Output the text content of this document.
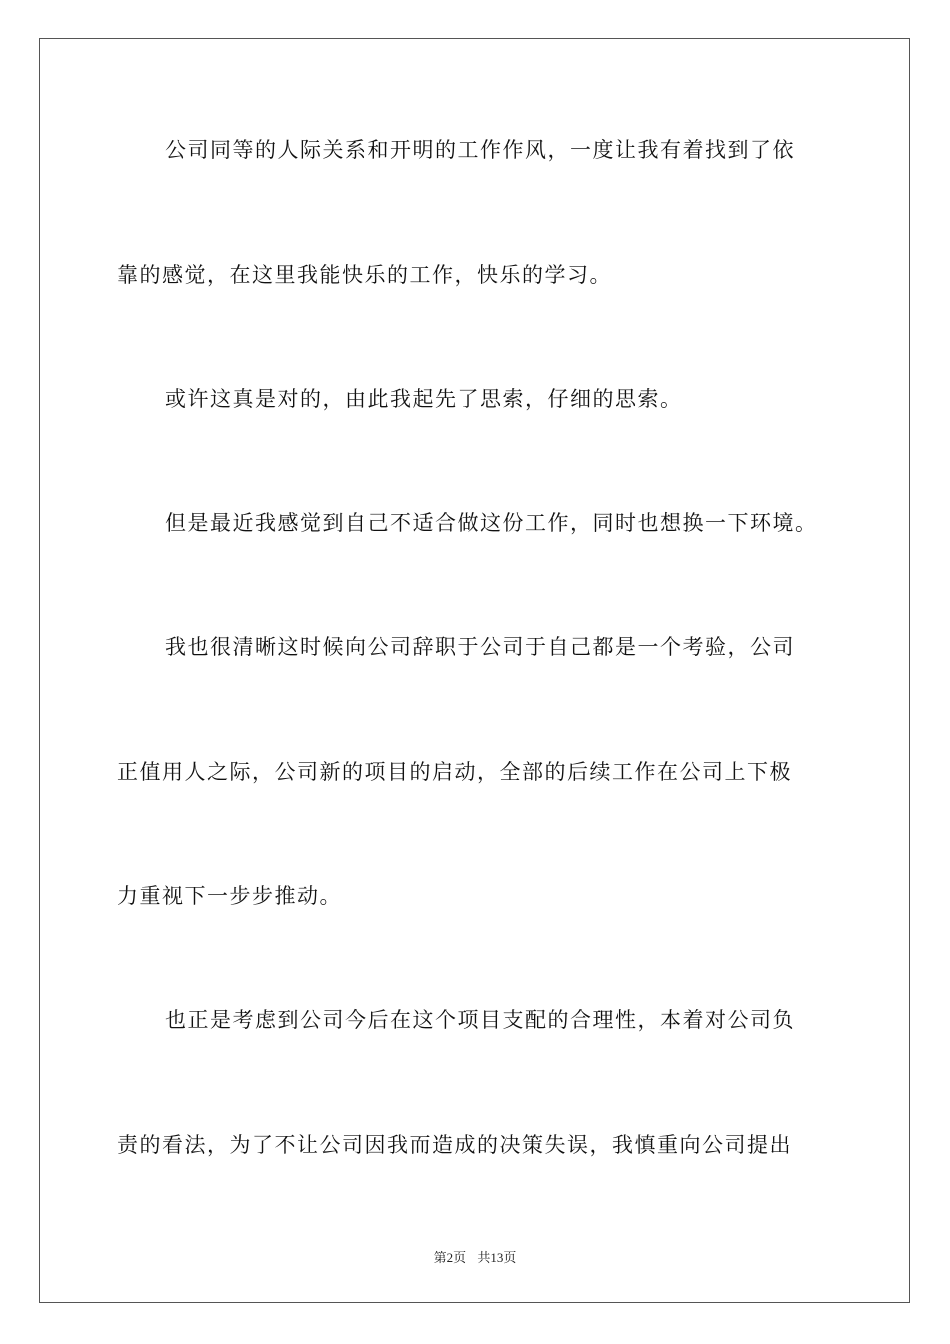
公司同等的人际关系和开明的工作作风，一度让我有着找到了依
靠的感觉，在这里我能快乐的工作，快乐的学习。
或许这真是对的，由此我起先了思索，仔细的思索。
但是最近我感觉到自己不适合做这份工作，同时也想换一下环境。
我也很清晰这时候向公司辞职于公司于自己都是一个考验，公司
正值用人之际，公司新的项目的启动，全部的后续工作在公司上下极
力重视下一步步推动。
也正是考虑到公司今后在这个项目支配的合理性，本着对公司负
责的看法，为了不让公司因我而造成的决策失误，我慎重向公司提出
第2页 共13页
